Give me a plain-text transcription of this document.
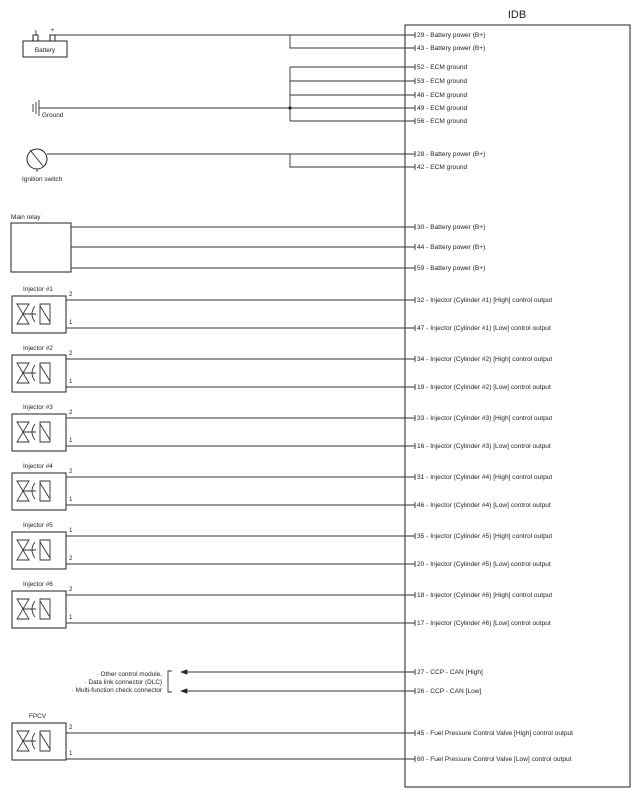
IDB
- +
Battery
Ground
Ignition switch
Main relay
Injector #1
2
1
Injector #2
2
1
Injector #3
2
1
Injector #4
2
1
Injector #5
1
2
Injector #6
2
1
· Other control module,
· Data link connector (DLC)
· Multi-function check connector
FPCV
2
1
29 - Battery power (B+)
43 - Battery power (B+)
52 - ECM ground
53 - ECM ground
48 - ECM ground
49 - ECM ground
56 - ECM ground
28 - Battery power (B+)
42 - ECM ground
30 - Battery power (B+)
44 - Battery power (B+)
59 - Battery power (B+)
32 - Injector (Cylinder #1) [High] control output
47 - Injector (Cylinder #1) [Low] control output
34 - Injector (Cylinder #2) [High] control output
19 - Injector (Cylinder #2) [Low] control output
33 - Injector (Cylinder #3) [High] control output
16 - Injector (Cylinder #3) [Low] control output
31 - Injector (Cylinder #4) [High] control output
46 - Injector (Cylinder #4) [Low] control output
35 - Injector (Cylinder #5) [High] control output
20 - Injector (Cylinder #5) [Low] control output
18 - Injector (Cylinder #6) [High] control output
17 - Injector (Cylinder #6) [Low] control output
27 - CCP - CAN [High]
26 - CCP - CAN [Low]
45 - Fuel Pressure Control Valve [High] control output
60 - Fuel Pressure Control Valve [Low] control output
